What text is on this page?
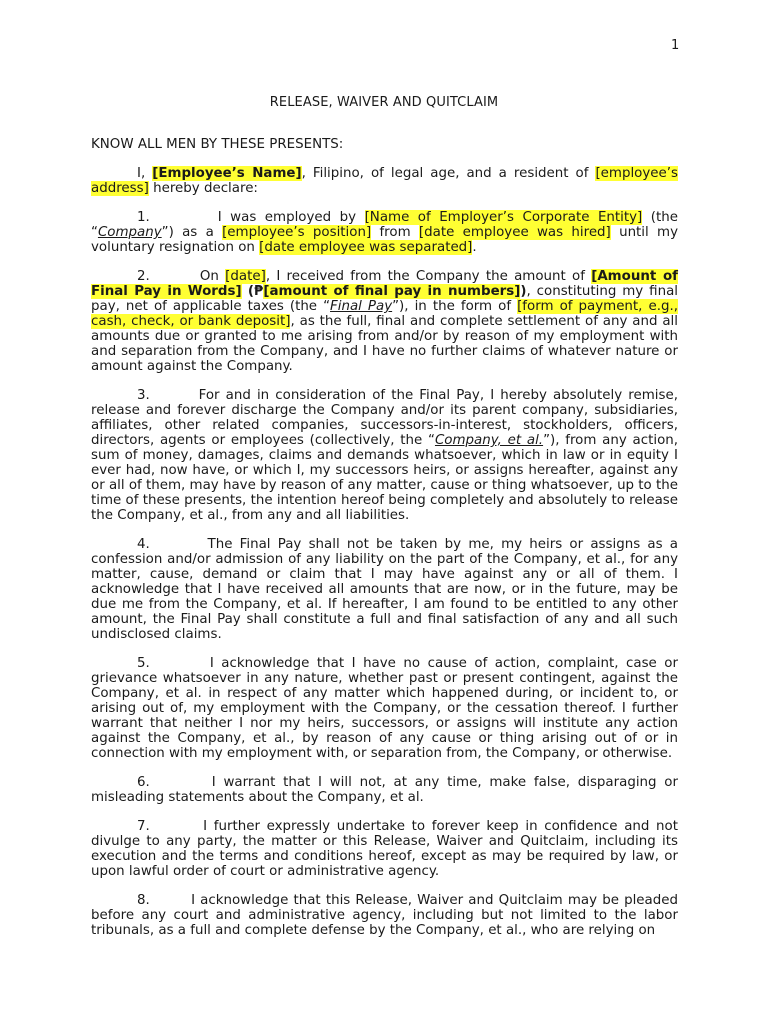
1
RELEASE, WAIVER AND QUITCLAIM

KNOW ALL MEN BY THESE PRESENTS:

I, [Employee’s Name], Filipino, of legal age, and a resident of [employee’s address] hereby declare:

1.	I was employed by [Name of Employer’s Corporate Entity] (the “Company”) as a [employee’s position] from [date employee was hired] until my voluntary resignation on [date employee was separated].

2.	On [date], I received from the Company the amount of [Amount of Final Pay in Words] (₱[amount of final pay in numbers]), constituting my final pay, net of applicable taxes (the “Final Pay”), in the form of [form of payment, e.g., cash, check, or bank deposit], as the full, final and complete settlement of any and all amounts due or granted to me arising from and/or by reason of my employment with and separation from the Company, and I have no further claims of whatever nature or amount against the Company.

3.	For and in consideration of the Final Pay, I hereby absolutely remise, release and forever discharge the Company and/or its parent company, subsidiaries, affiliates, other related companies, successors-in-interest, stockholders, officers, directors, agents or employees (collectively, the “Company, et al.”), from any action, sum of money, damages, claims and demands whatsoever, which in law or in equity I ever had, now have, or which I, my successors heirs, or assigns hereafter, against any or all of them, may have by reason of any matter, cause or thing whatsoever, up to the time of these presents, the intention hereof being completely and absolutely to release the Company, et al., from any and all liabilities.

4.	The Final Pay shall not be taken by me, my heirs or assigns as a confession and/or admission of any liability on the part of the Company, et al., for any matter, cause, demand or claim that I may have against any or all of them. I acknowledge that I have received all amounts that are now, or in the future, may be due me from the Company, et al. If hereafter, I am found to be entitled to any other amount, the Final Pay shall constitute a full and final satisfaction of any and all such undisclosed claims.

5.	I acknowledge that I have no cause of action, complaint, case or grievance whatsoever in any nature, whether past or present contingent, against the Company, et al. in respect of any matter which happened during, or incident to, or arising out of, my employment with the Company, or the cessation thereof. I further warrant that neither I nor my heirs, successors, or assigns will institute any action against the Company, et al., by reason of any cause or thing arising out of or in connection with my employment with, or separation from, the Company, or otherwise.

6.	I warrant that I will not, at any time, make false, disparaging or misleading statements about the Company, et al.

7.	I further expressly undertake to forever keep in confidence and not divulge to any party, the matter or this Release, Waiver and Quitclaim, including its execution and the terms and conditions hereof, except as may be required by law, or upon lawful order of court or administrative agency.

8.	I acknowledge that this Release, Waiver and Quitclaim may be pleaded before any court and administrative agency, including but not limited to the labor tribunals, as a full and complete defense by the Company, et al., who are relying on
